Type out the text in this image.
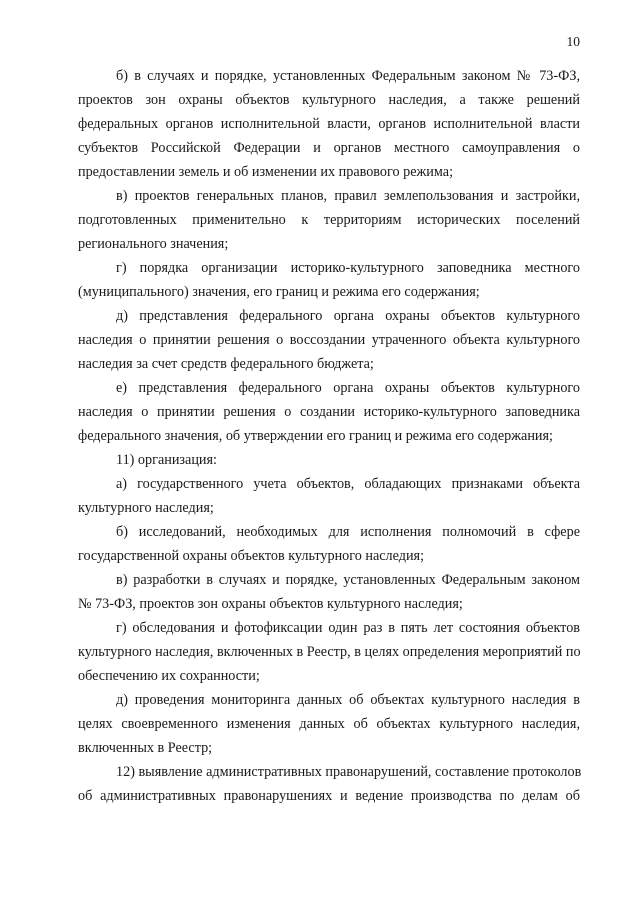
10

б) в случаях и порядке, установленных Федеральным законом № 73-ФЗ,
проектов зон охраны объектов культурного наследия, а также решений
федеральных органов исполнительной власти, органов исполнительной власти
субъектов Российской Федерации и органов местного самоуправления о
предоставлении земель и об изменении их правового режима;

в) проектов генеральных планов, правил землепользования и застройки,
подготовленных применительно к территориям исторических поселений
регионального значения;

г) порядка организации историко-культурного заповедника местного
(муниципального) значения, его границ и режима его содержания;

д) представления федерального органа охраны объектов культурного
наследия о принятии решения о воссоздании утраченного объекта культурного
наследия за счет средств федерального бюджета;

е) представления федерального органа охраны объектов культурного
наследия о принятии решения о создании историко-культурного заповедника
федерального значения, об утверждении его границ и режима его содержания;

11) организация:

а) государственного учета объектов, обладающих признаками объекта
культурного наследия;

б) исследований, необходимых для исполнения полномочий в сфере
государственной охраны объектов культурного наследия;

в) разработки в случаях и порядке, установленных Федеральным законом
№ 73-ФЗ, проектов зон охраны объектов культурного наследия;

г) обследования и фотофиксации один раз в пять лет состояния объектов
культурного наследия, включенных в Реестр, в целях определения мероприятий по
обеспечению их сохранности;

д) проведения мониторинга данных об объектах культурного наследия в
целях своевременного изменения данных об объектах культурного наследия,
включенных в Реестр;

12) выявление административных правонарушений, составление протоколов
об административных правонарушениях и ведение производства по делам об
